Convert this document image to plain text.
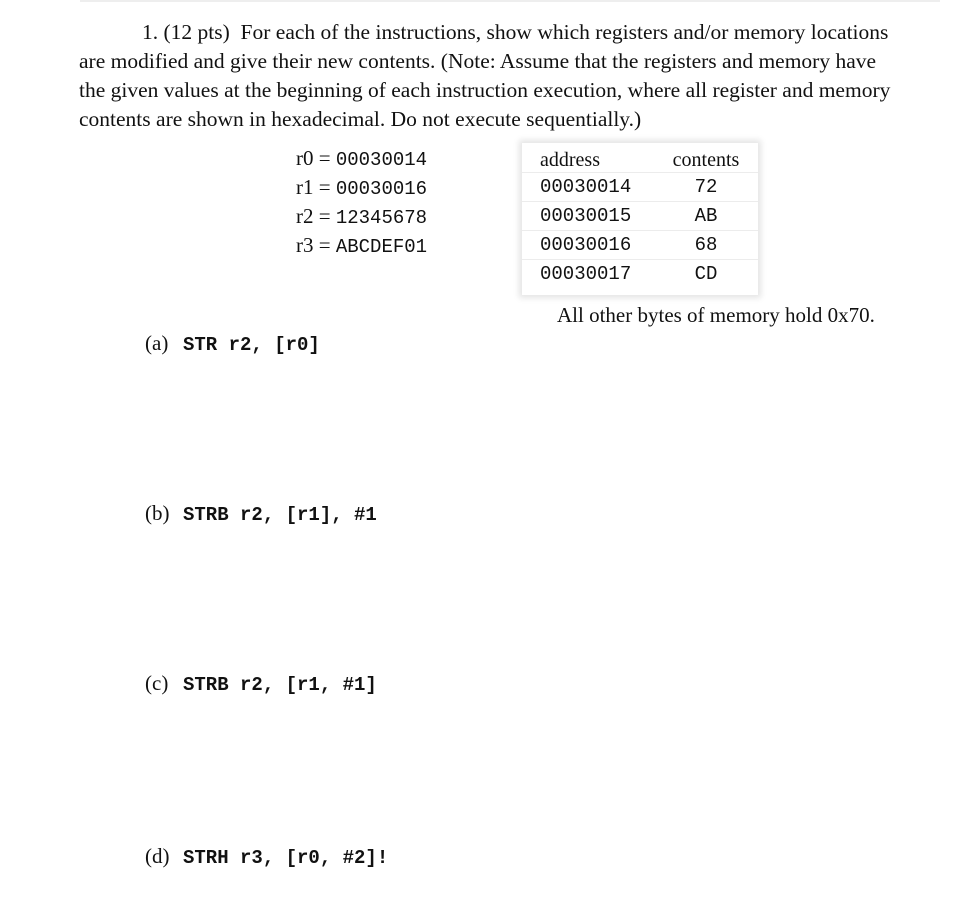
1. (12 pts) For each of the instructions, show which registers and/or memory locations

are modified and give their new contents. (Note: Assume that the registers and memory have

the given values at the beginning of each instruction execution, where all register and memory

contents are shown in hexadecimal. Do not execute sequentially.)

r0 = 00030014
r1 = 00030016
r2 = 12345678
r3 = ABCDEF01
address	contents
00030014	72
00030015	AB
00030016	68
00030017	CD
All other bytes of memory hold 0x70.
(a) STR r2, [r0]
(b) STRB r2, [r1], #1
(c) STRB r2, [r1, #1]
(d) STRH r3, [r0, #2]!
